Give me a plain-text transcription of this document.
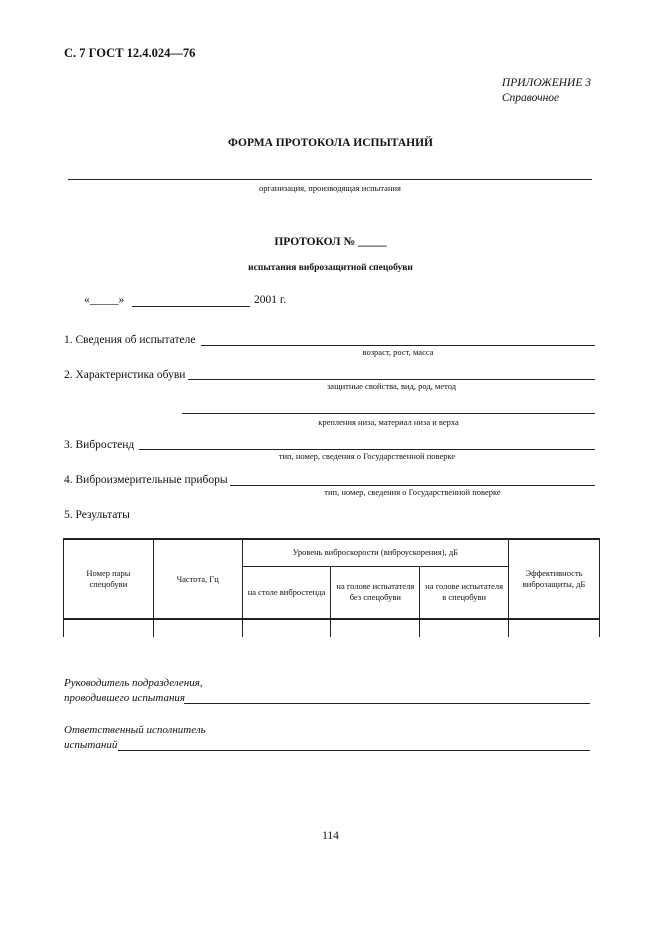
С. 7 ГОСТ 12.4.024—76
ПРИЛОЖЕНИЕ 3
Справочное
ФОРМА ПРОТОКОЛА ИСПЫТАНИЙ
организация, производящая испытания
ПРОТОКОЛ № _____
испытания виброзащитной спецобуви
«_____»	2001 г.
1. Сведения об испытателе
возраст, рост, масса
2. Характеристика обуви
защитные свойства, вид, род, метод
крепления низа, материал низа и верха
3. Вибростенд
тип, номер, сведения о Государственной поверке
4. Виброизмерительные приборы
тип, номер, сведения о Государственной поверке
5. Результаты
Номер пары спецобуви	Частота, Гц	Уровень виброскорости (виброускорения), дБ			Эффективность виброзащиты, дБ
		на столе вибростенда	на голове испытателя без спецобуви	на голове испытателя в спецобуви	

Руководитель подразделения,
проводившего испытания
Ответственный исполнитель
испытаний
114
